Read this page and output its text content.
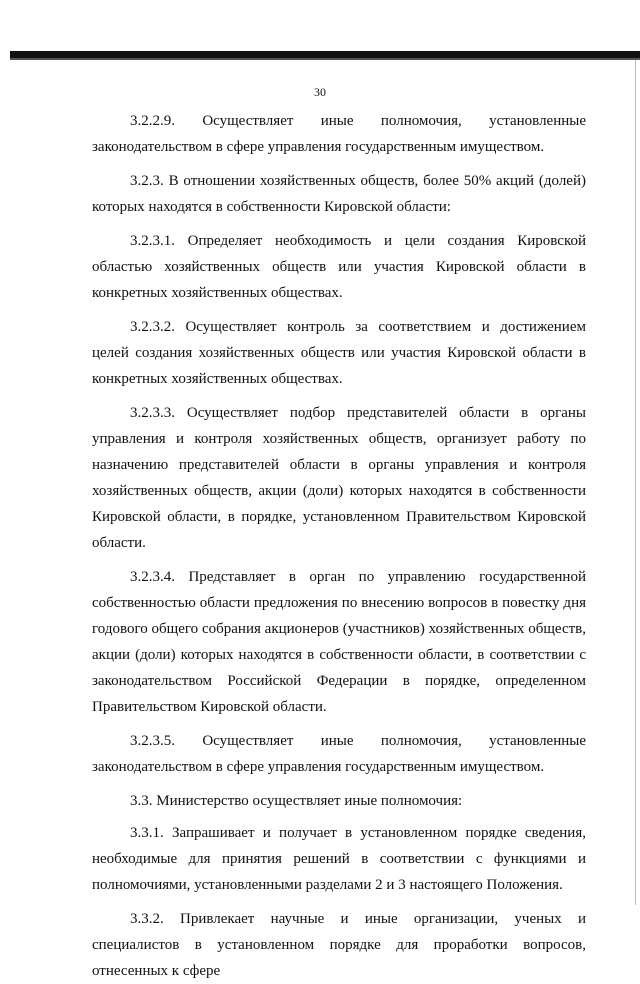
30

3.2.2.9. Осуществляет иные полномочия, установленные законодательством в сфере управления государственным имуществом.

3.2.3. В отношении хозяйственных обществ, более 50% акций (долей) которых находятся в собственности Кировской области:

3.2.3.1. Определяет необходимость и цели создания Кировской областью хозяйственных обществ или участия Кировской области в конкретных хозяйственных обществах.

3.2.3.2. Осуществляет контроль за соответствием и достижением целей создания хозяйственных обществ или участия Кировской области в конкретных хозяйственных обществах.

3.2.3.3. Осуществляет подбор представителей области в органы управления и контроля хозяйственных обществ, организует работу по назначению представителей области в органы управления и контроля хозяйственных обществ, акции (доли) которых находятся в собственности Кировской области, в порядке, установленном Правительством Кировской области.

3.2.3.4. Представляет в орган по управлению государственной собственностью области предложения по внесению вопросов в повестку дня годового общего собрания акционеров (участников) хозяйственных обществ, акции (доли) которых находятся в собственности области, в соответствии с законодательством Российской Федерации в порядке, определенном Правительством Кировской области.

3.2.3.5. Осуществляет иные полномочия, установленные законодательством в сфере управления государственным имуществом.

3.3. Министерство осуществляет иные полномочия:

3.3.1. Запрашивает и получает в установленном порядке сведения, необходимые для принятия решений в соответствии с функциями и полномочиями, установленными разделами 2 и 3 настоящего Положения.

3.3.2. Привлекает научные и иные организации, ученых и специалистов в установленном порядке для проработки вопросов, отнесенных к сфере
